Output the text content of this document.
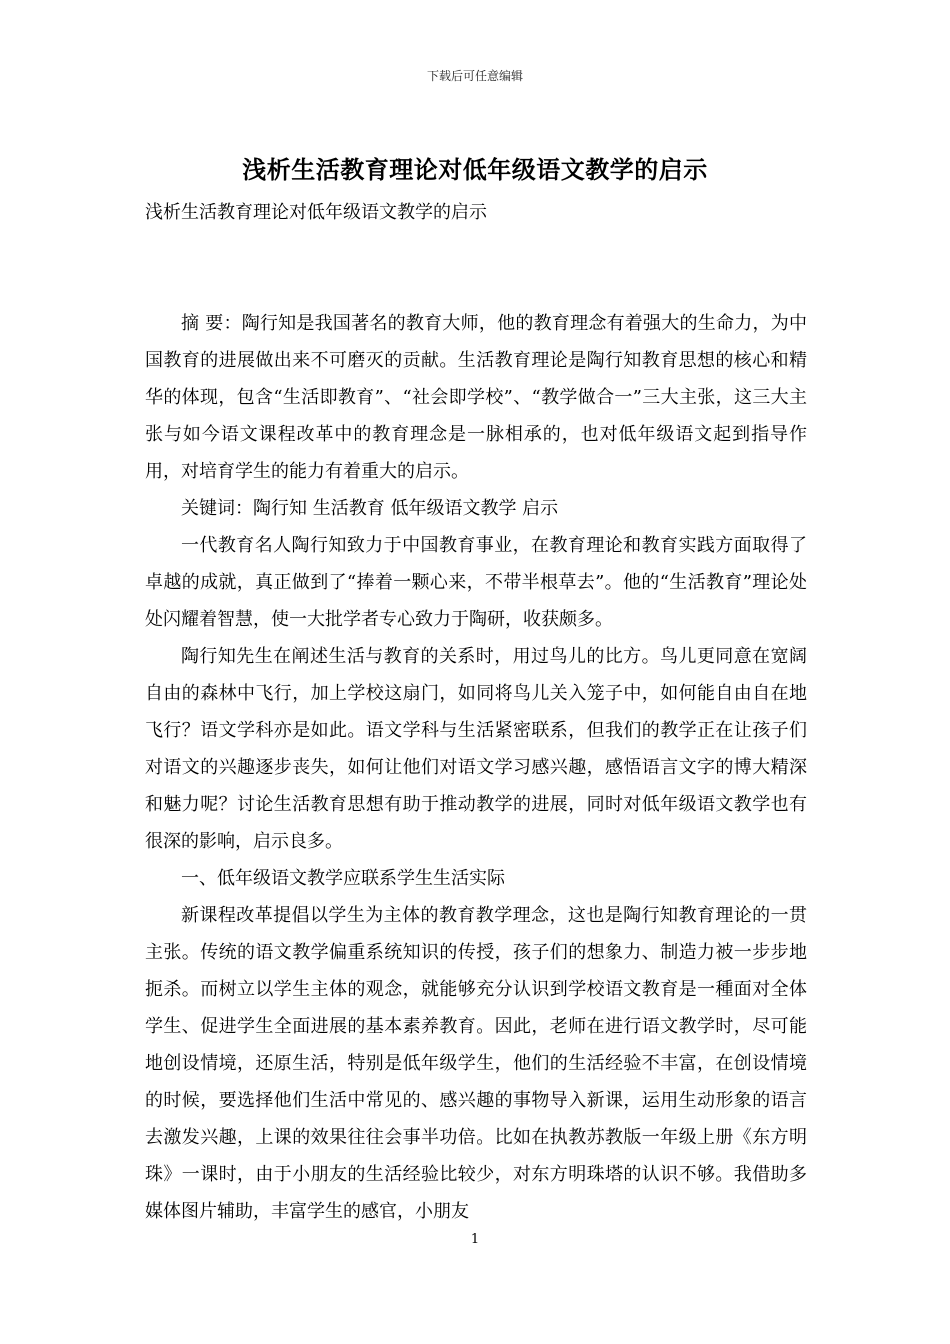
下载后可任意编辑
浅析生活教育理论对低年级语文教学的启示

浅析生活教育理论对低年级语文教学的启示

摘 要：陶行知是我国著名的教育大师，他的教育理念有着强大的生命力，为中国教育的进展做出来不可磨灭的贡献。生活教育理论是陶行知教育思想的核心和精华的体现，包含“生活即教育”、“社会即学校”、“教学做合一”三大主张，这三大主张与如今语文课程改革中的教育理念是一脉相承的，也对低年级语文起到指导作用，对培育学生的能力有着重大的启示。

关键词：陶行知 生活教育 低年级语文教学 启示

一代教育名人陶行知致力于中国教育事业，在教育理论和教育实践方面取得了卓越的成就，真正做到了“捧着一颗心来，不带半根草去”。他的“生活教育”理论处处闪耀着智慧，使一大批学者专心致力于陶研，收获颇多。

陶行知先生在阐述生活与教育的关系时，用过鸟儿的比方。鸟儿更同意在宽阔自由的森林中飞行，加上学校这扇门，如同将鸟儿关入笼子中，如何能自由自在地飞行？语文学科亦是如此。语文学科与生活紧密联系，但我们的教学正在让孩子们对语文的兴趣逐步丧失，如何让他们对语文学习感兴趣，感悟语言文字的博大精深和魅力呢？讨论生活教育思想有助于推动教学的进展，同时对低年级语文教学也有很深的影响，启示良多。

一、低年级语文教学应联系学生生活实际

新课程改革提倡以学生为主体的教育教学理念，这也是陶行知教育理论的一贯主张。传统的语文教学偏重系统知识的传授，孩子们的想象力、制造力被一步步地扼杀。而树立以学生主体的观念，就能够充分认识到学校语文教育是一種面对全体学生、促进学生全面进展的基本素养教育。因此，老师在进行语文教学时，尽可能地创设情境，还原生活，特别是低年级学生，他们的生活经验不丰富，在创设情境的时候，要选择他们生活中常见的、感兴趣的事物导入新课，运用生动形象的语言去激发兴趣，上课的效果往往会事半功倍。比如在执教苏教版一年级上册《东方明珠》一课时，由于小朋友的生活经验比较少，对东方明珠塔的认识不够。我借助多媒体图片辅助，丰富学生的感官，小朋友

1
